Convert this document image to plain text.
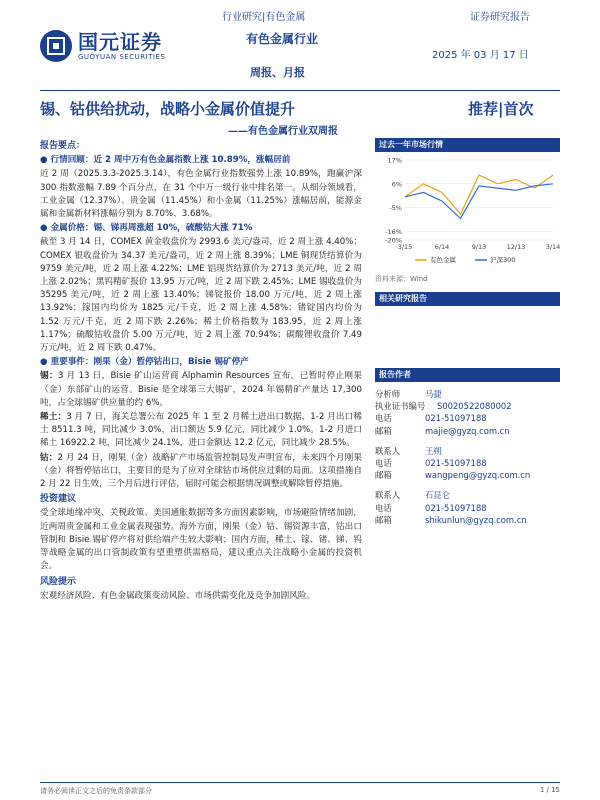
行业研究|有色金属	证券研究报告
国元证券
GUOYUAN SECURITIES
有色金属行业
2025 年 03 月 17 日
周报、月报
锡、钴供给扰动，战略小金属价值提升	推荐|首次
——有色金属行业双周报
报告要点：
● 行情回顾：近 2 周中万有色金属指数上涨 10.89%，涨幅居前
近 2 周（2025.3.3-2025.3.14），有色金属行业指数强势上涨 10.89%，跑赢沪深 300 指数涨幅 7.89 个百分点，在 31 个中万一级行业中排名第一。从细分领域看，工业金属（12.37%）、贵金属（11.45%）和小金属（11.25%）涨幅居前，能源金属和金属新材料涨幅分别为 8.70%、3.68%。
● 金属价格：锡、锑再周涨超 10%，硫酸钴大涨 71%
截至 3 月 14 日，COMEX 黄金收盘价为 2993.6 美元/盎司，近 2 周上涨 4.40%；COMEX 银收盘价为 34.37 美元/盎司，近 2 周上涨 8.39%；LME 铜现货结算价为 9759 美元/吨，近 2 周上涨 4.22%；LME 铝现货结算价为 2713 美元/吨，近 2 周上涨 2.02%；黑钨精矿报价 13.95 万元/吨，近 2 周下跌 2.45%；LME 锡收盘价为 35295 美元/吨，近 2 周上涨 13.40%；锑锭报价 18.00 万元/吨，近 2 周上涨 13.92%；镓国内均价为 1825 元/千克，近 2 周上涨 4.58%；锗锭国内均价为 1.52 万元/千克，近 2 周下跌 2.26%；稀土价格指数为 183.95，近 2 周上涨 1.17%；硫酸钴收盘价 5.00 万元/吨，近 2 周上涨 70.94%；碳酸锂收盘价 7.49 万元/吨，近 2 周下跌 0.47%。
● 重要事件：刚果（金）暂停钴出口，Bisie 锡矿停产
锡：3 月 13 日，Bisie 矿山运营商 Alphamin Resources 宣布，已暂时停止刚果（金）东部矿山的运营。Bisie 是全球第三大锡矿，2024 年锡精矿产量达 17,300 吨，占全球锡矿供应量的约 6%。
稀土：3 月 7 日，海关总署公布 2025 年 1 至 2 月稀土进出口数据，1-2 月出口稀土 8511.3 吨，同比减少 3.0%，出口额达 5.9 亿元，同比减少 1.0%。1-2 月进口稀土 16922.2 吨，同比减少 24.1%，进口金额达 12.2 亿元，同比减少 28.5%。
钴：2 月 24 日，刚果（金）战略矿产市场监管控制局发声明宣布，未来四个月刚果（金）将暂停钴出口，主要目的是为了应对全球钴市场供应过剩的局面。这项措施自 2 月 22 日生效，三个月后进行评估，届时可能会根据情况调整或解除暂停措施。
投资建议
受全球地缘冲突、关税政策、美国通胀数据等多方面因素影响，市场避险情绪加剧，近两周贵金属和工业金属表现强势。海外方面，刚果（金）钴、锡资源丰富，钴出口管制和 Bisie 锡矿停产将对供给端产生较大影响；国内方面，稀土、镓、锗、锑、钨等战略金属的出口管制政策有望重塑供需格局，建议重点关注战略小金属的投资机会。
风险提示
宏观经济风险、有色金属政策变动风险、市场供需变化及竞争加剧风险。
过去一年市场行情
17%
6%
-5%
-16%
-20%
3/15	6/14	9/13	12/13	3/14
有色金属	沪深300
资料来源：Wind
相关研究报告
报告作者
分析师	马捷
执业证书编号	S0020522080002
电话	021-51097188
邮箱	majie@gyzq.com.cn
联系人	王朔
电话	021-51097188
邮箱	wangpeng@gyzq.com.cn
联系人	石昆仑
电话	021-51097188
邮箱	shikunlun@gyzq.com.cn
请务必阅读正文之后的免责条款部分	1 / 15
